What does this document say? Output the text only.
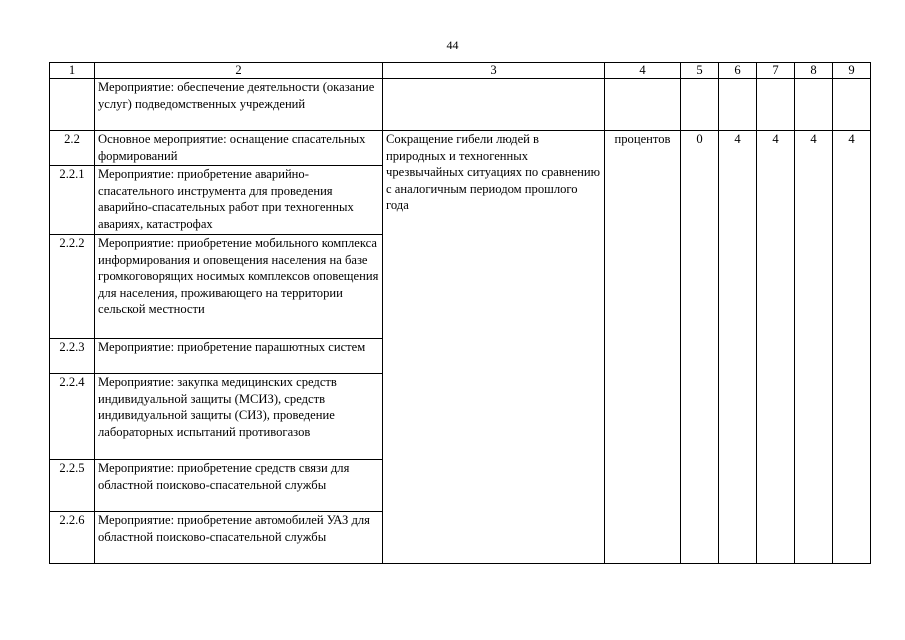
44
1	2	3	4	5	6	7	8	9
	Мероприятие: обеспечение деятельности (оказание услуг) подведомственных учреждений							
2.2	Основное мероприятие: оснащение спасательных формирований	Сокращение гибели людей в природных и техногенных чрезвычайных ситуациях по сравнению с аналогичным периодом прошлого года	процентов	0	4	4	4	4
2.2.1	Мероприятие: приобретение аварийно-спасательного инструмента для проведения аварийно-спасательных работ при техногенных авариях, катастрофах							
2.2.2	Мероприятие: приобретение мобильного комплекса информирования и оповещения населения на базе громкоговорящих носимых комплексов оповещения для населения, проживающего на территории сельской местности							
2.2.3	Мероприятие: приобретение парашютных систем							
2.2.4	Мероприятие: закупка медицинских средств индивидуальной защиты (МСИЗ), средств индивидуальной защиты (СИЗ), проведение лабораторных испытаний противогазов							
2.2.5	Мероприятие: приобретение средств связи для областной поисково-спасательной службы							
2.2.6	Мероприятие: приобретение автомобилей УАЗ для областной поисково-спасательной службы							
